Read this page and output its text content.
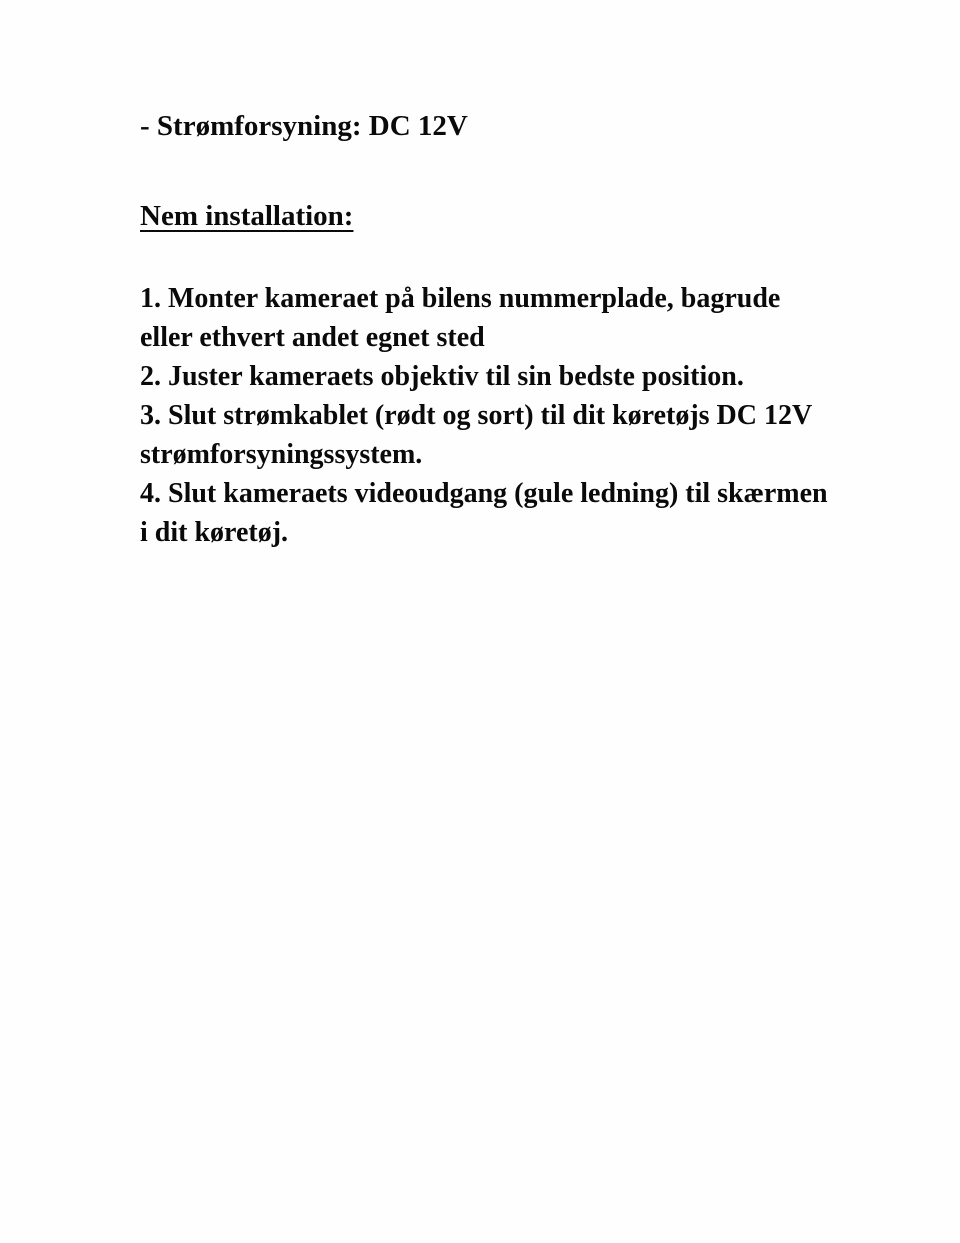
- Strømforsyning: DC 12V

Nem installation:

1. Monter kameraet på bilens nummerplade, bagrude eller ethvert andet egnet sted

2. Juster kameraets objektiv til sin bedste position.

3. Slut strømkablet (rødt og sort) til dit køretøjs DC 12V strømforsyningssystem.

4. Slut kameraets videoudgang (gule ledning) til skærmen i dit køretøj.
